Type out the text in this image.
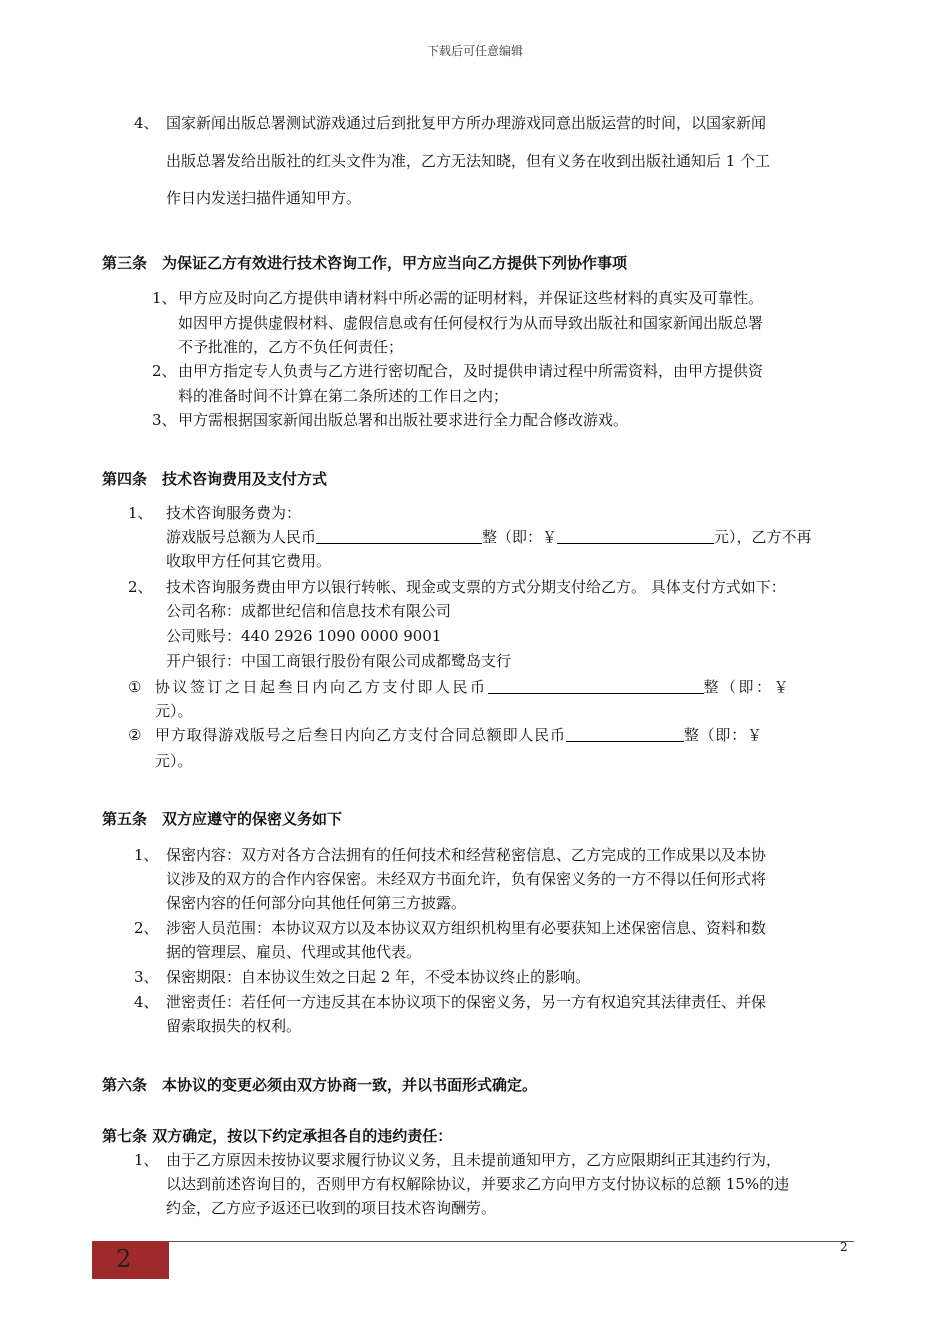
下载后可任意编辑
4、 国家新闻出版总署测试游戏通过后到批复甲方所办理游戏同意出版运营的时间，以国家新闻
出版总署发给出版社的红头文件为准，乙方无法知晓，但有义务在收到出版社通知后 1 个工
作日内发送扫描件通知甲方。
第三条　为保证乙方有效进行技术咨询工作，甲方应当向乙方提供下列协作事项
1、 甲方应及时向乙方提供申请材料中所必需的证明材料，并保证这些材料的真实及可靠性。
如因甲方提供虚假材料、虚假信息或有任何侵权行为从而导致出版社和国家新闻出版总署
不予批准的，乙方不负任何责任；
2、 由甲方指定专人负责与乙方进行密切配合，及时提供申请过程中所需资料，由甲方提供资
料的准备时间不计算在第二条所述的工作日之内；
3、 甲方需根据国家新闻出版总署和出版社要求进行全力配合修改游戏。
第四条　技术咨询费用及支付方式
1、 技术咨询服务费为：
游戏版号总额为人民币	整（即：￥	元），乙方不再
收取甲方任何其它费用。
2、 技术咨询服务费由甲方以银行转帐、现金或支票的方式分期支付给乙方。 具体支付方式如下：
公司名称：成都世纪信和信息技术有限公司
公司账号：440 2926 1090 0000 9001
开户银行：中国工商银行股份有限公司成都鹭岛支行
① 协议签订之日起叁日内向乙方支付即人民币	整（即：￥
元）。
② 甲方取得游戏版号之后叁日内向乙方支付合同总额即人民币	整（即：￥
元）。
第五条　双方应遵守的保密义务如下
1、 保密内容：双方对各方合法拥有的任何技术和经营秘密信息、乙方完成的工作成果以及本协
议涉及的双方的合作内容保密。未经双方书面允许，负有保密义务的一方不得以任何形式将
保密内容的任何部分向其他任何第三方披露。
2、 涉密人员范围：本协议双方以及本协议双方组织机构里有必要获知上述保密信息、资料和数
据的管理层、雇员、代理或其他代表。
3、 保密期限：自本协议生效之日起 2 年，不受本协议终止的影响。
4、 泄密责任：若任何一方违反其在本协议项下的保密义务，另一方有权追究其法律责任、并保
留索取损失的权利。
第六条　本协议的变更必须由双方协商一致，并以书面形式确定。
第七条 双方确定，按以下约定承担各自的违约责任：
1、 由于乙方原因未按协议要求履行协议义务，且未提前通知甲方，乙方应限期纠正其违约行为，
以达到前述咨询目的，否则甲方有权解除协议，并要求乙方向甲方支付协议标的总额 15%的违
约金，乙方应予返还已收到的项目技术咨询酬劳。
2	2
